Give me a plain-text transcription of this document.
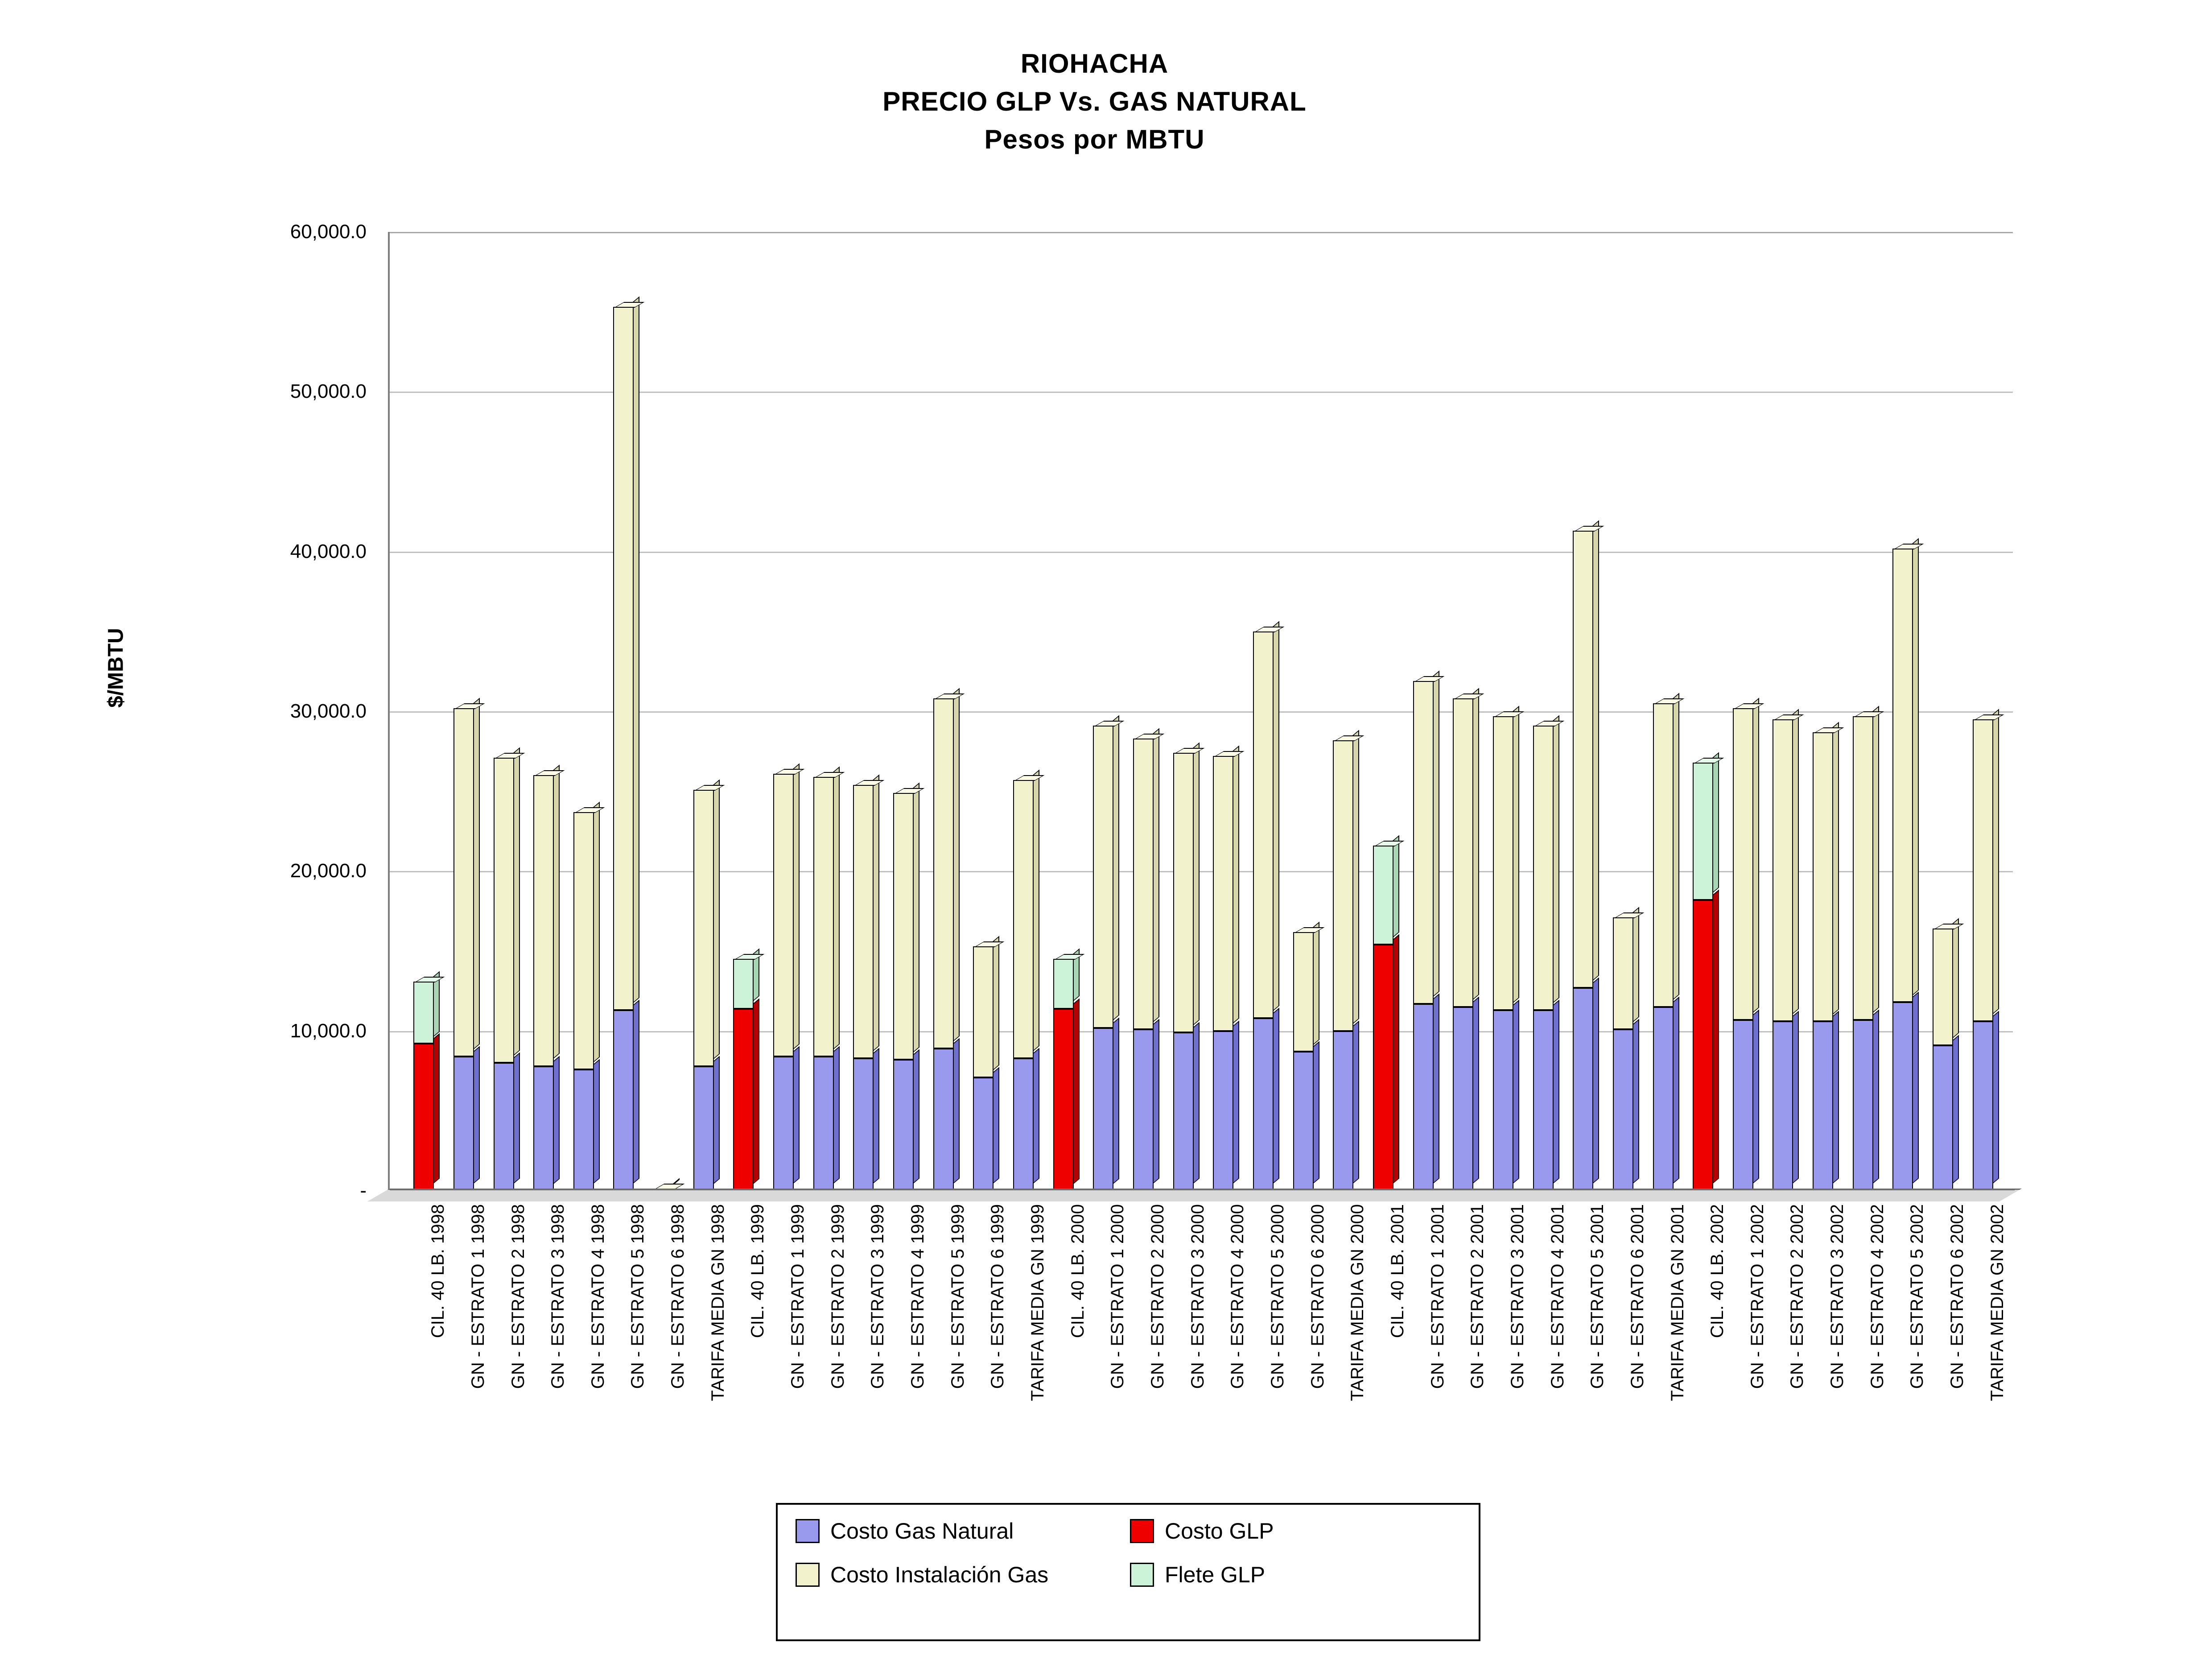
RIOHACHA
PRECIO GLP Vs. GAS NATURAL
Pesos por MBTU
$/MBTU
-
10,000.0
20,000.0
30,000.0
40,000.0
50,000.0
60,000.0
CIL. 40 LB. 1998 GN - ESTRATO 1 1998 GN - ESTRATO 2 1998 GN - ESTRATO 3 1998 GN - ESTRATO 4 1998 GN - ESTRATO 5 1998 GN - ESTRATO 6 1998 TARIFA MEDIA GN 1998 CIL. 40 LB. 1999 GN - ESTRATO 1 1999 GN - ESTRATO 2 1999 GN - ESTRATO 3 1999 GN - ESTRATO 4 1999 GN - ESTRATO 5 1999 GN - ESTRATO 6 1999 TARIFA MEDIA GN 1999 CIL. 40 LB. 2000 GN - ESTRATO 1 2000 GN - ESTRATO 2 2000 GN - ESTRATO 3 2000 GN - ESTRATO 4 2000 GN - ESTRATO 5 2000 GN - ESTRATO 6 2000 TARIFA MEDIA GN 2000 CIL. 40 LB. 2001 GN - ESTRATO 1 2001 GN - ESTRATO 2 2001 GN - ESTRATO 3 2001 GN - ESTRATO 4 2001 GN - ESTRATO 5 2001 GN - ESTRATO 6 2001 TARIFA MEDIA GN 2001 CIL. 40 LB. 2002 GN - ESTRATO 1 2002 GN - ESTRATO 2 2002 GN - ESTRATO 3 2002 GN - ESTRATO 4 2002 GN - ESTRATO 5 2002 GN - ESTRATO 6 2002 TARIFA MEDIA GN 2002
Costo Gas Natural	Costo GLP
Costo Instalación Gas	Flete GLP
